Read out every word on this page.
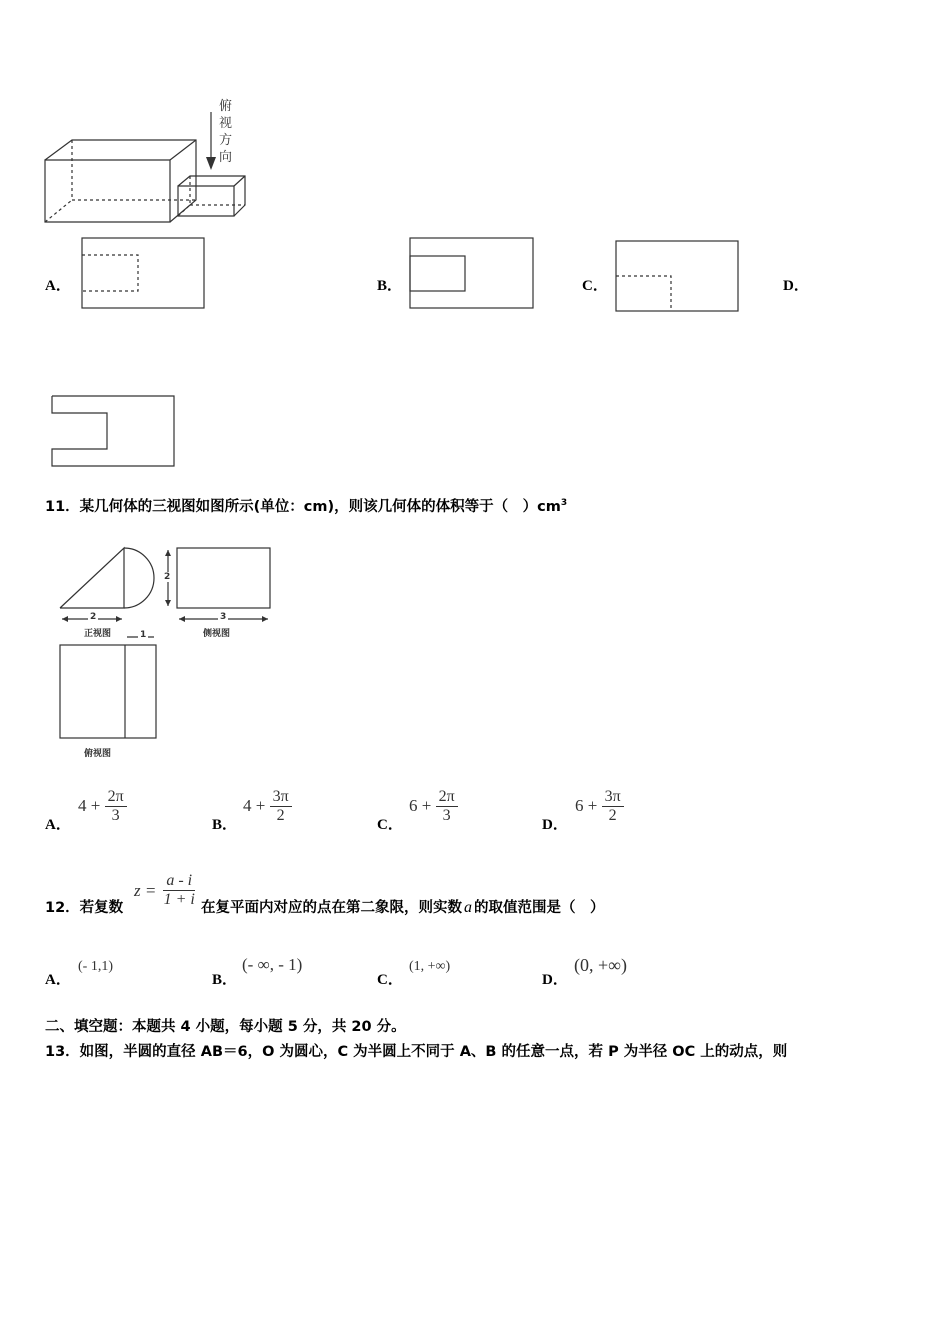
俯
视
方
向
A．	B．	C．	D．
11．某几何体的三视图如图所示(单位：cm)，则该几何体的体积等于（　）$cm^3$
2
2
3
1
正视图	侧视图
俯视图
A．
$4 + \frac{2\pi}{3}$	B．
$4 + \frac{3\pi}{2}$	C．
$6 + \frac{2\pi}{3}$	D．
$6 + \frac{3\pi}{2}$
12．若复数
$z = \frac{a - i}{1 + i}$ 在复平面内对应的点在第二象限，则实数 a 的取值范围是（　）
A．
(- 1,1)
B．
(- ∞, - 1)
C．
(1, +∞)
D．
(0, +∞)
二、填空题：本题共 4 小题，每小题 5 分，共 20 分。
13．如图，半圆的直径 AB＝6，O 为圆心，C 为半圆上不同于 A、B 的任意一点，若 P 为半径 OC 上的动点，则
